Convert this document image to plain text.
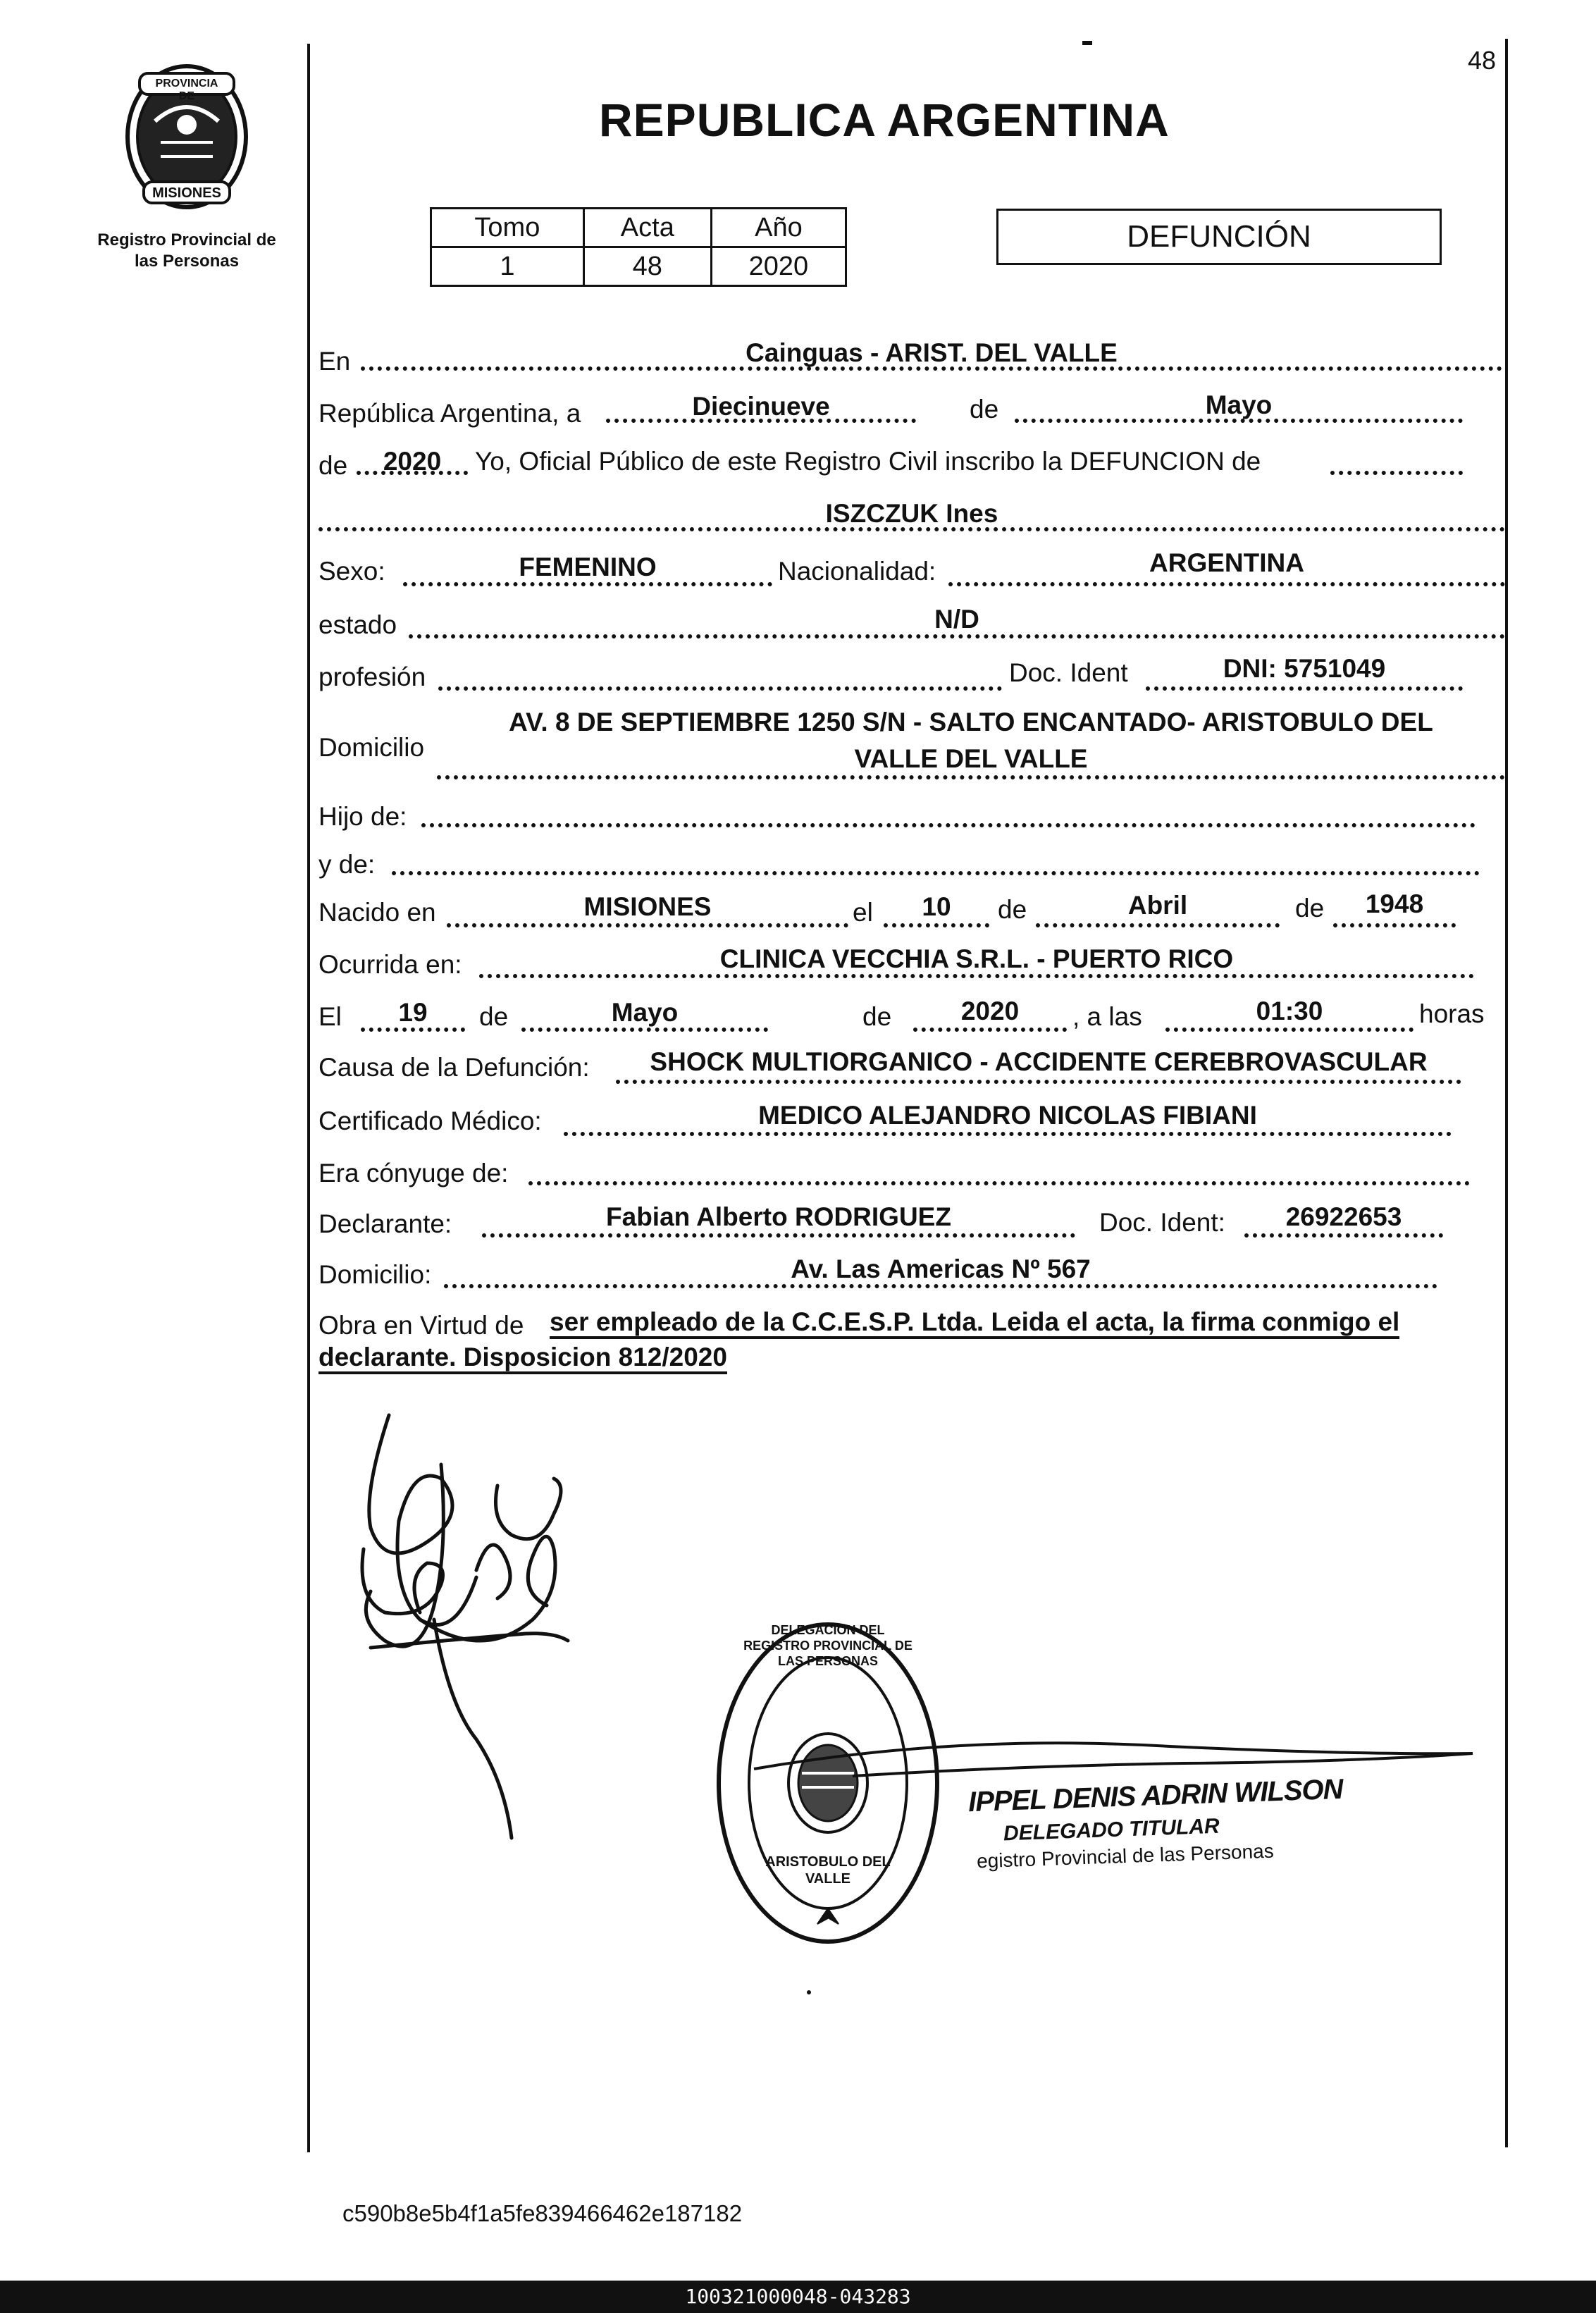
48
PROVINCIA DE
MISIONES
Registro Provincial de
las Personas
REPUBLICA ARGENTINA
Tomo	Acta	Año
1	48	2020
DEFUNCIÓN
En	Cainguas - ARIST. DEL VALLE
República Argentina, a	Diecinueve	de	Mayo
de	2020	Yo, Oficial Público de este Registro Civil inscribo la DEFUNCION de
ISZCZUK Ines
Sexo:	FEMENINO	Nacionalidad:	ARGENTINA
estado	N/D
profesión	Doc. Ident	DNI: 5751049
Domicilio
AV. 8 DE SEPTIEMBRE 1250 S/N - SALTO ENCANTADO- ARISTOBULO DEL
VALLE DEL VALLE
Hijo de:
y de:
Nacido en	MISIONES	el	10	de	Abril	de	1948
Ocurrida en:	CLINICA VECCHIA S.R.L. - PUERTO RICO
El	19	de	Mayo	de	2020	, a las	01:30	horas
Causa de la Defunción:	SHOCK MULTIORGANICO - ACCIDENTE CEREBROVASCULAR
Certificado Médico:	MEDICO ALEJANDRO NICOLAS FIBIANI
Era cónyuge de:
Declarante:	Fabian Alberto RODRIGUEZ	Doc. Ident:	26922653
Domicilio:	Av. Las Americas Nº 567
Obra en Virtud de ser empleado de la C.C.E.S.P. Ltda. Leida el acta, la firma conmigo el
declarante. Disposicion 812/2020
DELEGACION DEL REGISTRO PROVINCIAL DE LAS PERSONAS
ARISTOBULO DEL VALLE
IPPEL DENIS ADRIN WILSON
DELEGADO TITULAR
egistro Provincial de las Personas
c590b8e5b4f1a5fe839466462e187182
100321000048-043283
